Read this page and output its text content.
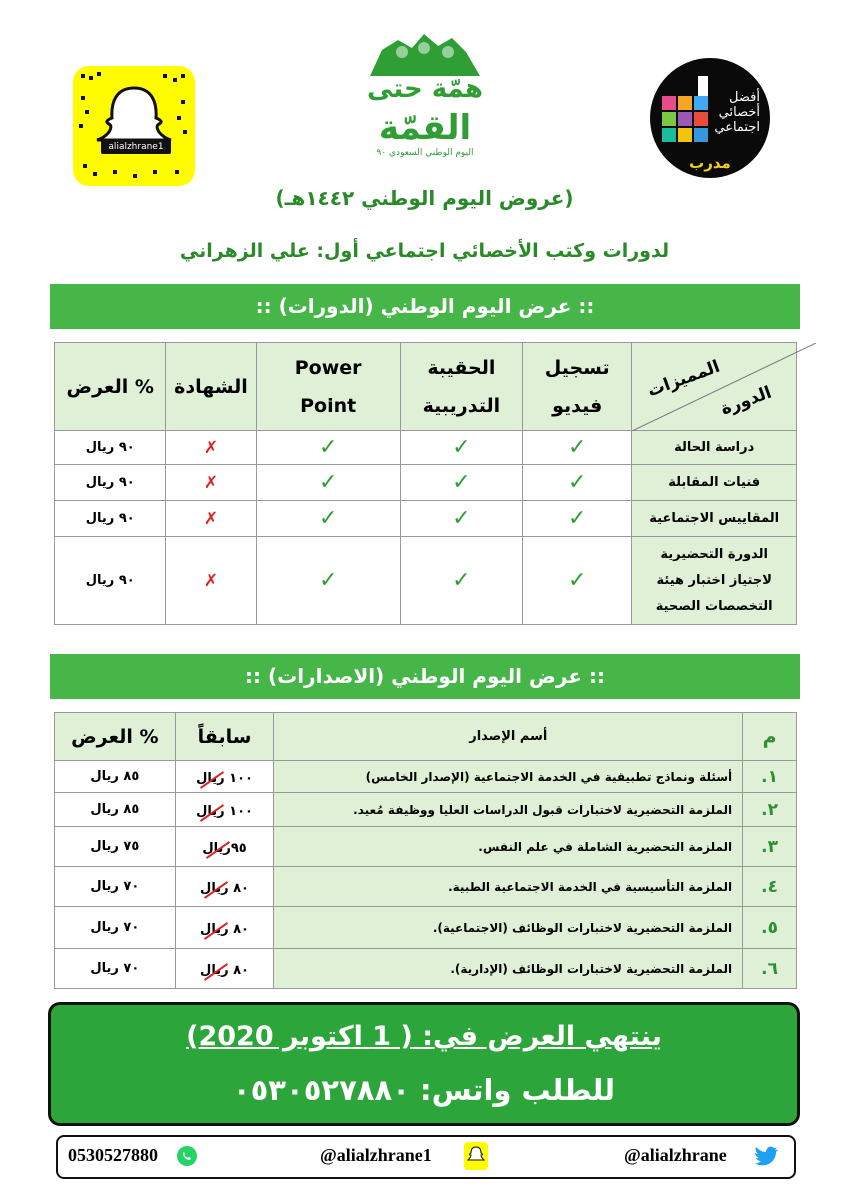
alialzhrane1
همّة حتى
القمّة
اليوم الوطني السعودي ٩٠
أفضل أخصائي اجتماعي
مدرب
(عروض اليوم الوطني ١٤٤٢هـ)
لدورات وكتب الأخصائي اجتماعي أول: علي الزهراني
:: عرض اليوم الوطني (الدورات) ::
العرض %	الشهادة	Power Point	الحقيبة التدريبية	تسجيل فيديو	المميزات
الدورة

٩٠ ريال	✗	✓	✓	✓	دراسة الحالة
٩٠ ريال	✗	✓	✓	✓	فنيات المقابلة
٩٠ ريال	✗	✓	✓	✓	المقاييس الاجتماعية
٩٠ ريال	✗	✓	✓	✓	الدورة التحضيرية لاجتياز اختبار هيئة التخصصات الصحية
:: عرض اليوم الوطني (الاصدارات) ::
العرض %	سابقاً	أسم الإصدار	م
٨٥ ريال	١٠٠ ريال	أسئلة ونماذج تطبيقية في الخدمة الاجتماعية (الإصدار الخامس)	.١
٨٥ ريال	١٠٠ ريال	الملزمة التحضيرية لاختبارات قبول الدراسات العليا ووظيفة مُعيد.	.٢
٧٥ ريال	٩٥ريال	الملزمة التحضيرية الشاملة في علم النفس.	.٣
٧٠ ريال	٨٠ ريال	الملزمة التأسيسية في الخدمة الاجتماعية الطبية.	.٤
٧٠ ريال	٨٠ ريال	الملزمة التحضيرية لاختبارات الوظائف (الاجتماعية).	.٥
٧٠ ريال	٨٠ ريال	الملزمة التحضيرية لاختبارات الوظائف (الإدارية).	.٦
ينتهي العرض في: ( 1 اكتوبر 2020)
للطلب واتس: ٠٥٣٠٥٢٧٨٨٠
0530527880	@alialzhrane1	@alialzhrane
